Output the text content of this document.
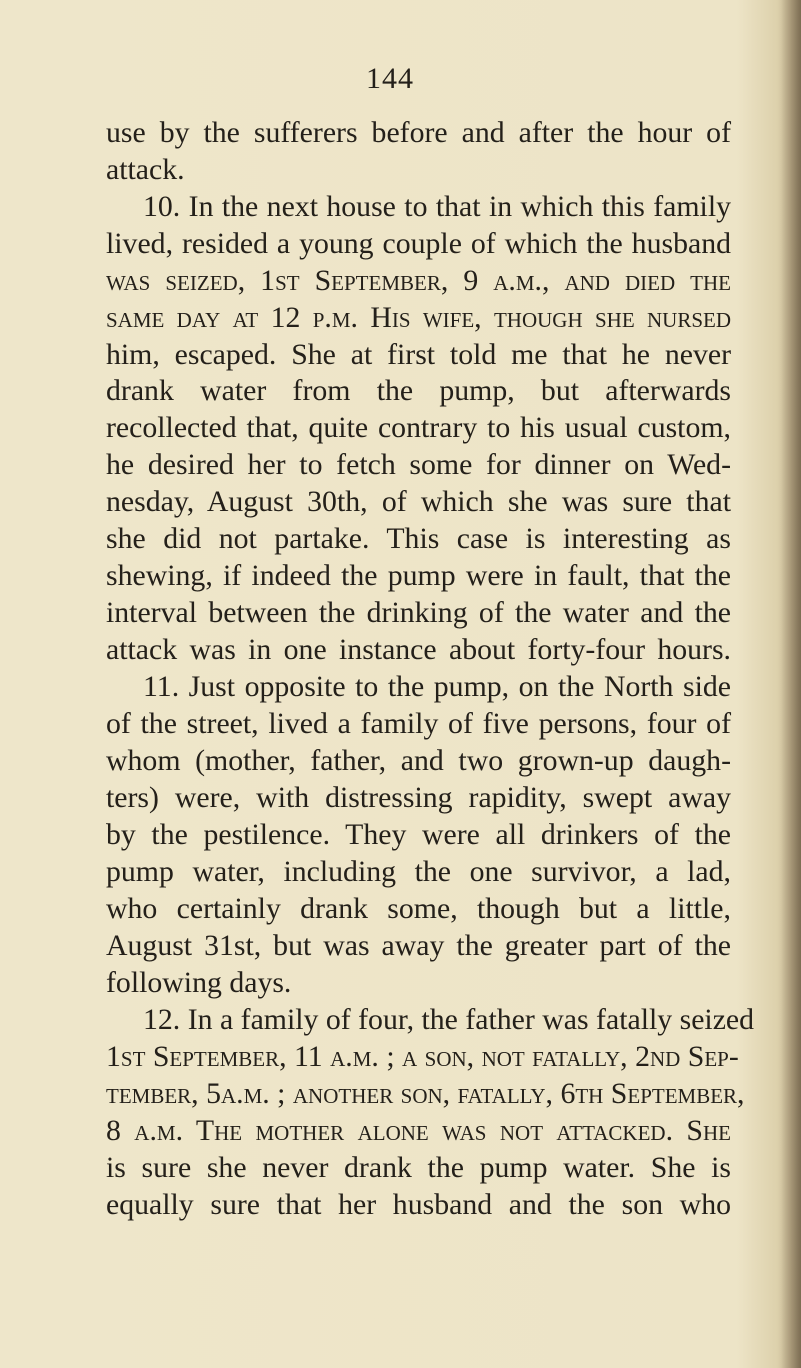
144
use by the sufferers before and after the hour of
attack.
10. In the next house to that in which this family
lived, resided a young couple of which the husband
was seized, 1st September, 9 a.m., and died the
same day at 12 p.m. His wife, though she nursed
him, escaped. She at first told me that he never
drank water from the pump, but afterwards
recollected that, quite contrary to his usual custom,
he desired her to fetch some for dinner on Wed-
nesday, August 30th, of which she was sure that
she did not partake. This case is interesting as
shewing, if indeed the pump were in fault, that the
interval between the drinking of the water and the
attack was in one instance about forty-four hours.
11. Just opposite to the pump, on the North side
of the street, lived a family of five persons, four of
whom (mother, father, and two grown-up daugh-
ters) were, with distressing rapidity, swept away
by the pestilence. They were all drinkers of the
pump water, including the one survivor, a lad,
who certainly drank some, though but a little,
August 31st, but was away the greater part of the
following days.
12. In a family of four, the father was fatally seized
1st September, 11 a.m. ; a son, not fatally, 2nd Sep-
tember, 5a.m. ; another son, fatally, 6th September,
8 a.m. The mother alone was not attacked. She
is sure she never drank the pump water. She is
equally sure that her husband and the son who
